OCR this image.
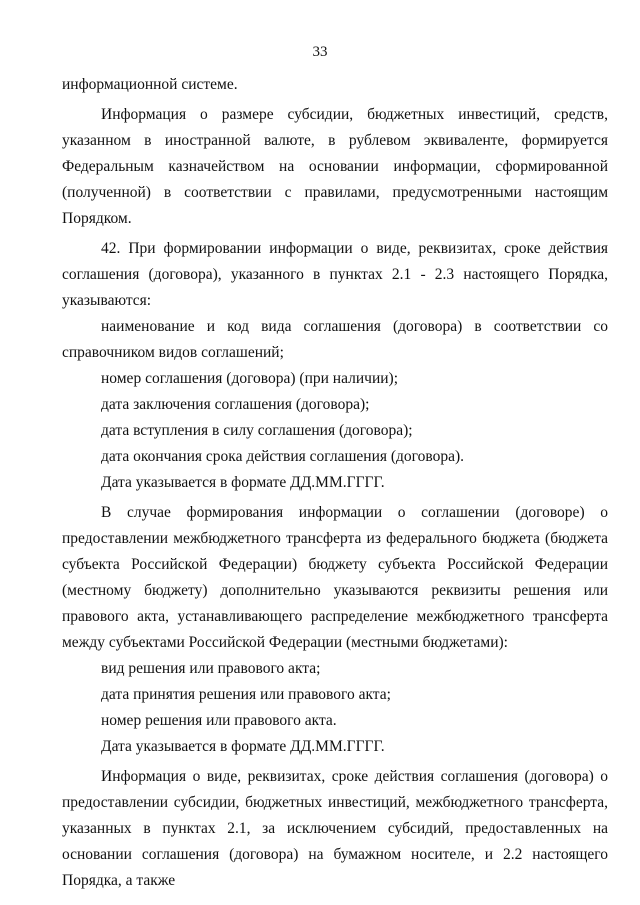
33

информационной системе.

Информация о размере субсидии, бюджетных инвестиций, средств, указанном в иностранной валюте, в рублевом эквиваленте, формируется Федеральным казначейством на основании информации, сформированной (полученной) в соответствии с правилами, предусмотренными настоящим Порядком.

42. При формировании информации о виде, реквизитах, сроке действия соглашения (договора), указанного в пунктах 2.1 - 2.3 настоящего Порядка, указываются:

наименование и код вида соглашения (договора) в соответствии со справочником видов соглашений;

номер соглашения (договора) (при наличии);

дата заключения соглашения (договора);

дата вступления в силу соглашения (договора);

дата окончания срока действия соглашения (договора).

Дата указывается в формате ДД.ММ.ГГГГ.

В случае формирования информации о соглашении (договоре) о предоставлении межбюджетного трансферта из федерального бюджета (бюджета субъекта Российской Федерации) бюджету субъекта Российской Федерации (местному бюджету) дополнительно указываются реквизиты решения или правового акта, устанавливающего распределение межбюджетного трансферта между субъектами Российской Федерации (местными бюджетами):

вид решения или правового акта;

дата принятия решения или правового акта;

номер решения или правового акта.

Дата указывается в формате ДД.ММ.ГГГГ.

Информация о виде, реквизитах, сроке действия соглашения (договора) о предоставлении субсидии, бюджетных инвестиций, межбюджетного трансферта, указанных в пунктах 2.1, за исключением субсидий, предоставленных на основании соглашения (договора) на бумажном носителе, и 2.2 настоящего Порядка, а также
